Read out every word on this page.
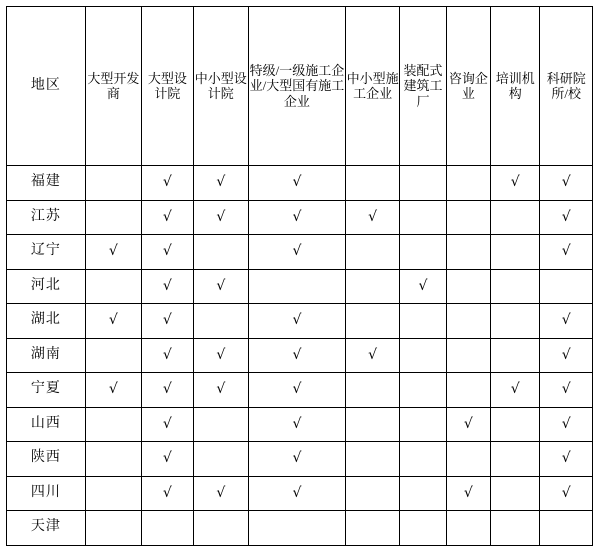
地区	大型开发商	大型设计院	中小型设计院	特级/一级施工企业/大型国有施工企业	中小型施工企业	装配式建筑工厂	咨询企业	培训机构	科研院所/校

福建		√	√	√				√	√
江苏		√	√	√	√				√
辽宁	√	√		√					√
河北		√	√			√			
湖北	√	√		√					√
湖南		√	√	√	√				√
宁夏	√	√	√	√				√	√
山西		√		√			√		√
陕西		√		√					√
四川		√	√	√			√		√
天津									
